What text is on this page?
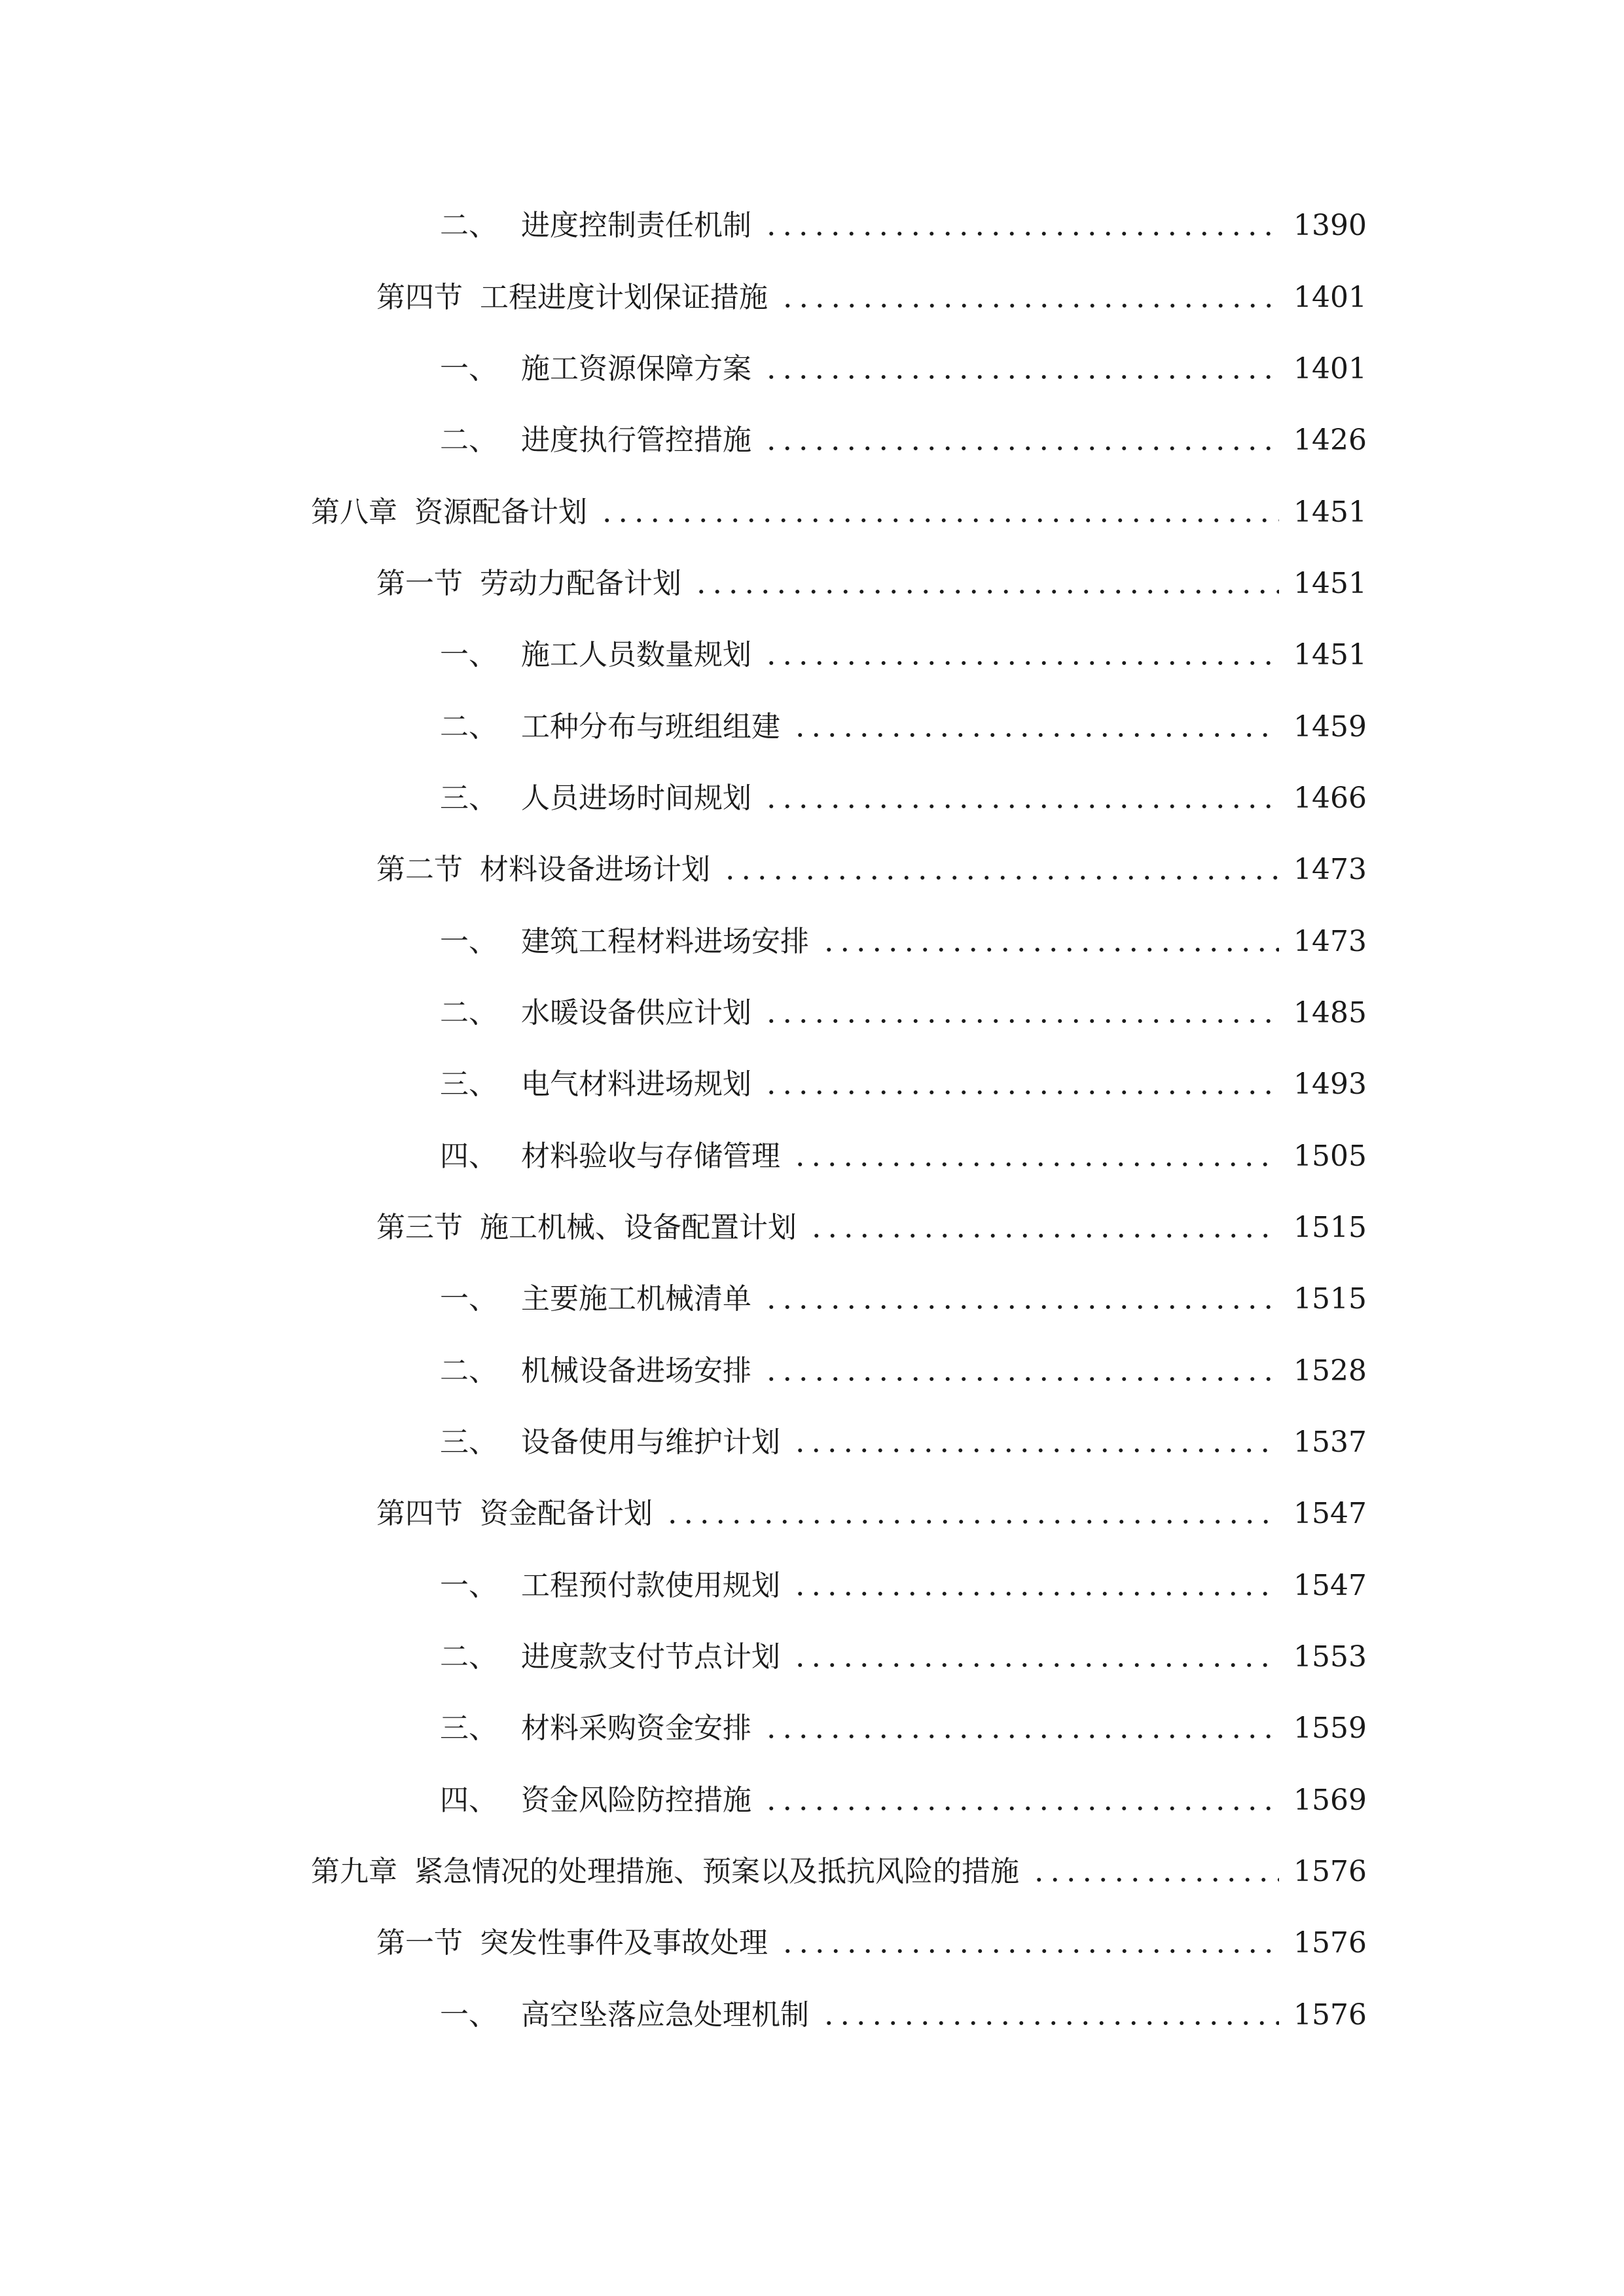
二、 进度控制责任机制	1390
第四节 工程进度计划保证措施	1401
一、 施工资源保障方案	1401
二、 进度执行管控措施	1426
第八章 资源配备计划	1451
第一节 劳动力配备计划	1451
一、 施工人员数量规划	1451
二、 工种分布与班组组建	1459
三、 人员进场时间规划	1466
第二节 材料设备进场计划	1473
一、 建筑工程材料进场安排	1473
二、 水暖设备供应计划	1485
三、 电气材料进场规划	1493
四、 材料验收与存储管理	1505
第三节 施工机械、设备配置计划	1515
一、 主要施工机械清单	1515
二、 机械设备进场安排	1528
三、 设备使用与维护计划	1537
第四节 资金配备计划	1547
一、 工程预付款使用规划	1547
二、 进度款支付节点计划	1553
三、 材料采购资金安排	1559
四、 资金风险防控措施	1569
第九章 紧急情况的处理措施、预案以及抵抗风险的措施	1576
第一节 突发性事件及事故处理	1576
一、 高空坠落应急处理机制	1576
